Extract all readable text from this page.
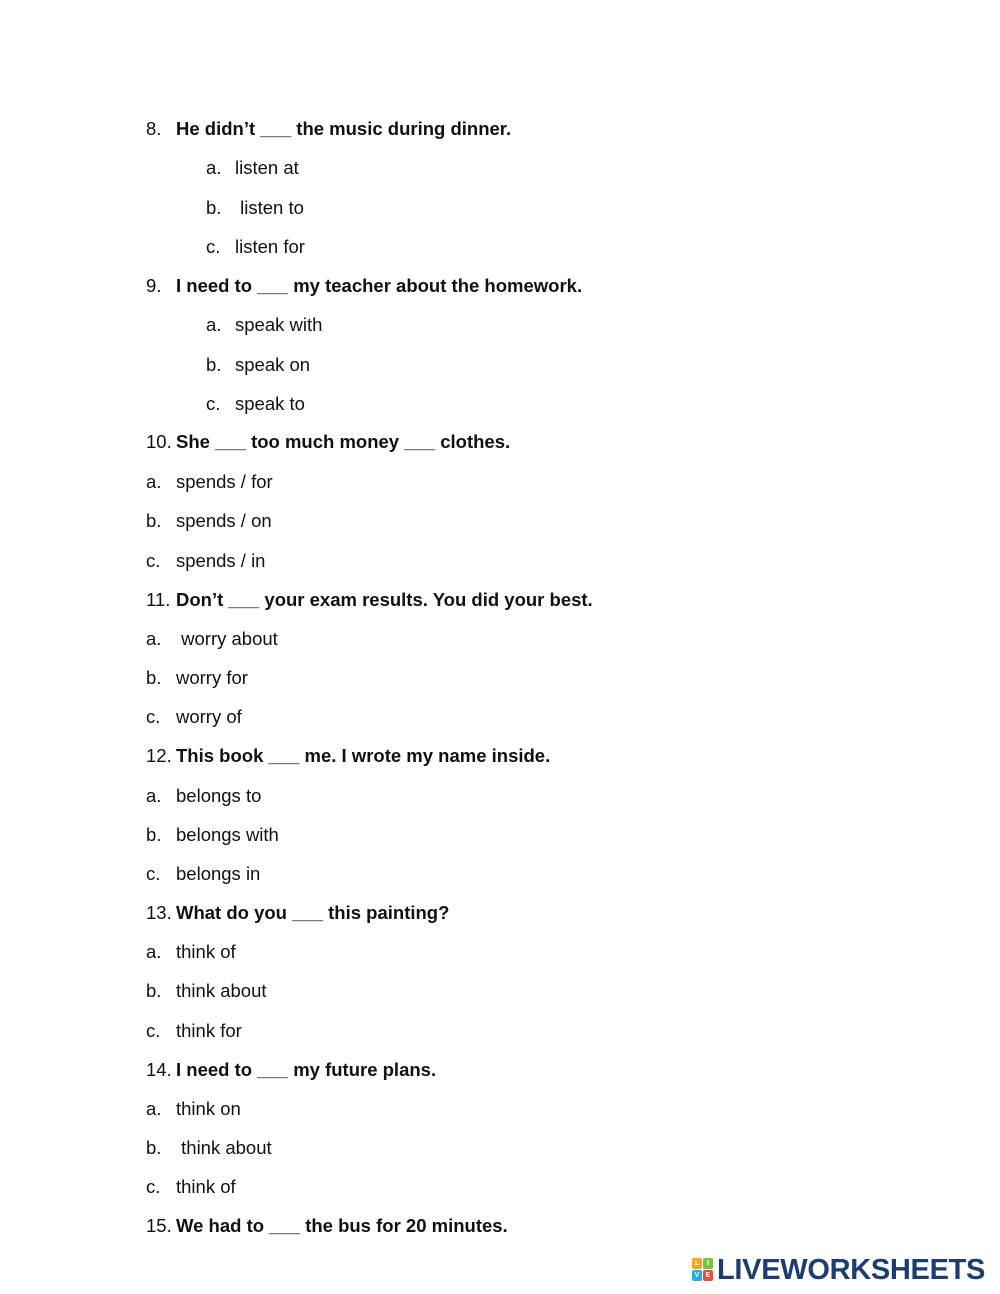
8.

He didn’t ___ the music during dinner.

a.

listen at

b.

listen to

c.

listen for

9.

I need to ___ my teacher about the homework.

a.

speak with

b.

speak on

c.

speak to

10.

She ___ too much money ___ clothes.

a.

spends / for

b.

spends / on

c.

spends / in

11.

Don’t ___ your exam results. You did your best.

a.

worry about

b.

worry for

c.

worry of

12.

This book ___ me. I wrote my name inside.

a.

belongs to

b.

belongs with

c.

belongs in

13.

What do you ___ this painting?

a.

think of

b.

think about

c.

think for

14.

I need to ___ my future plans.

a.

think on

b.

think about

c.

think of

15.

We had to ___ the bus for 20 minutes.

L	I
V E LIVEWORKSHEETS
